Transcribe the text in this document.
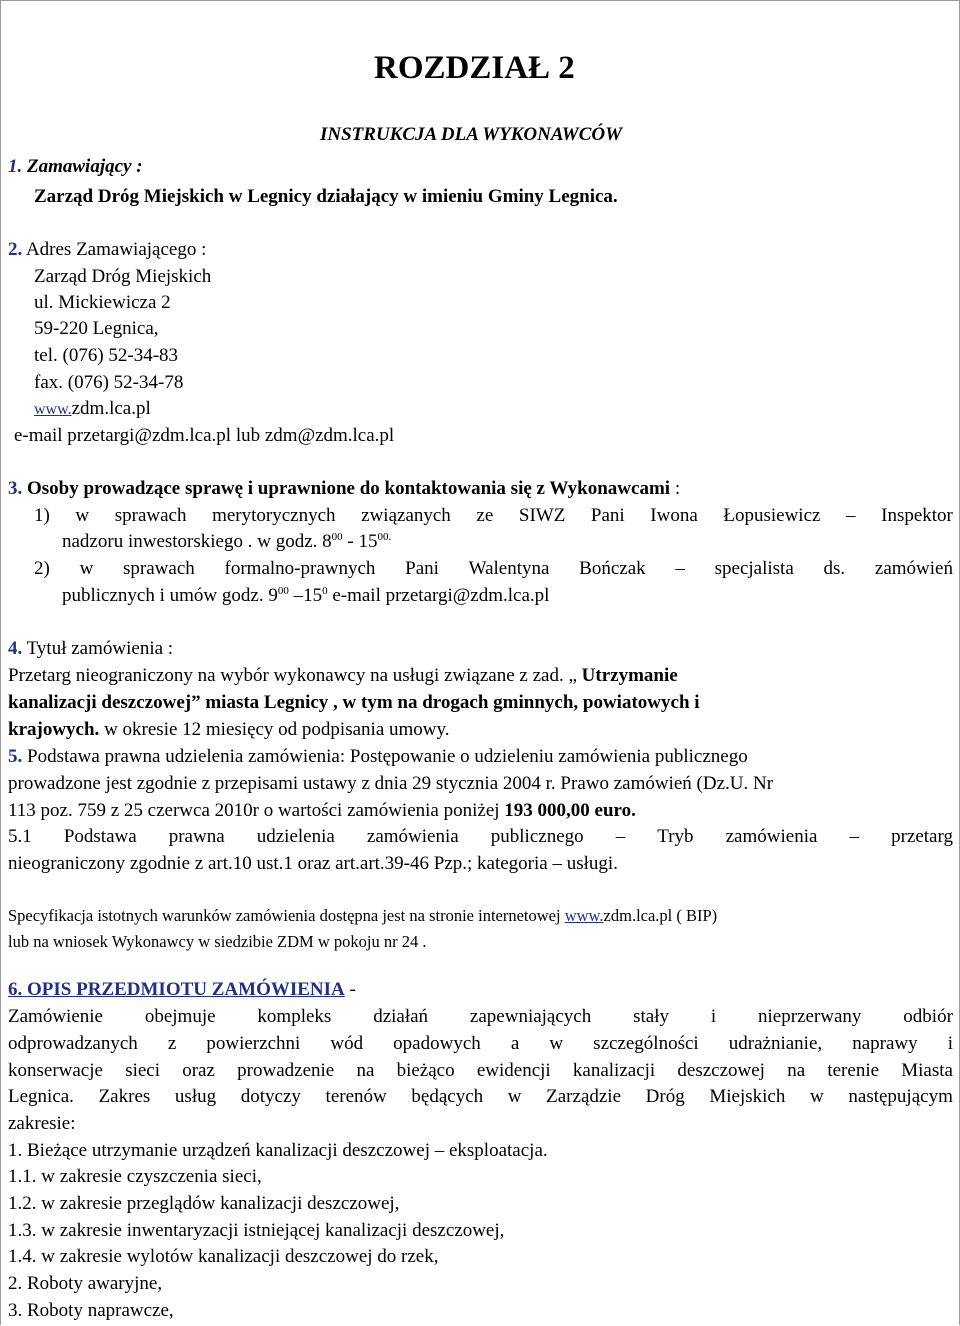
ROZDZIAŁ 2
INSTRUKCJA DLA WYKONAWCÓW
1. Zamawiający :
Zarząd Dróg Miejskich w Legnicy działający w imieniu Gminy Legnica.
2. Adres Zamawiającego :
Zarząd Dróg Miejskich
ul. Mickiewicza 2
59-220 Legnica,
tel. (076) 52-34-83
fax. (076) 52-34-78
www.zdm.lca.pl
e-mail przetargi@zdm.lca.pl lub zdm@zdm.lca.pl
3. Osoby prowadzące sprawę i uprawnione do kontaktowania się z Wykonawcami :
1) w sprawach merytorycznych związanych ze SIWZ Pani Iwona Łopusiewicz – Inspektor
nadzoru inwestorskiego . w godz. $8^{00} - 15^{00.}$
2) w sprawach formalno-prawnych Pani Walentyna Bończak – specjalista ds. zamówień
publicznych i umów godz. $9^{00}$ $-15^0$ e-mail przetargi@zdm.lca.pl
4. Tytuł zamówienia :
Przetarg nieograniczony na wybór wykonawcy na usługi związane z zad. „ Utrzymanie
kanalizacji deszczowej” miasta Legnicy , w tym na drogach gminnych, powiatowych i
krajowych. w okresie 12 miesięcy od podpisania umowy.
5. Podstawa prawna udzielenia zamówienia: Postępowanie o udzieleniu zamówienia publicznego
prowadzone jest zgodnie z przepisami ustawy z dnia 29 stycznia 2004 r. Prawo zamówień (Dz.U. Nr
113 poz. 759 z 25 czerwca 2010r o wartości zamówienia poniżej 193 000,00 euro.
5.1 Podstawa prawna udzielenia zamówienia publicznego – Tryb zamówienia – przetarg
nieograniczony zgodnie z art.10 ust.1 oraz art.art.39-46 Pzp.; kategoria – usługi.
Specyfikacja istotnych warunków zamówienia dostępna jest na stronie internetowej www.zdm.lca.pl ( BIP)
lub na wniosek Wykonawcy w siedzibie ZDM w pokoju nr 24 .
6. OPIS PRZEDMIOTU ZAMÓWIENIA -
Zamówienie obejmuje kompleks działań zapewniających stały i nieprzerwany odbiór
odprowadzanych z powierzchni wód opadowych a w szczególności udrażnianie, naprawy i
konserwacje sieci oraz prowadzenie na bieżąco ewidencji kanalizacji deszczowej na terenie Miasta
Legnica. Zakres usług dotyczy terenów będących w Zarządzie Dróg Miejskich w następującym
zakresie:
1. Bieżące utrzymanie urządzeń kanalizacji deszczowej – eksploatacja.
1.1. w zakresie czyszczenia sieci,
1.2. w zakresie przeglądów kanalizacji deszczowej,
1.3. w zakresie inwentaryzacji istniejącej kanalizacji deszczowej,
1.4. w zakresie wylotów kanalizacji deszczowej do rzek,
2. Roboty awaryjne,
3. Roboty naprawcze,
